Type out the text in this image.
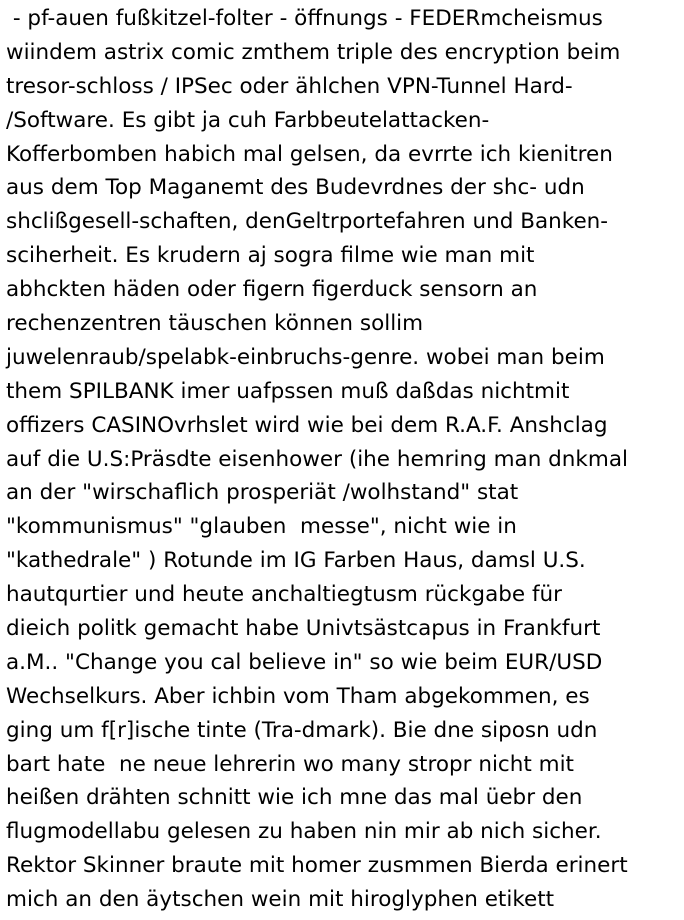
- pf-auen fußkitzel-folter - öffnungs - FEDERmcheismus
wiindem astrix comic zmthem triple des encryption beim
tresor-schloss / IPSec oder ählchen VPN-Tunnel Hard-
/Software. Es gibt ja cuh Farbbeutelattacken-
Kofferbomben habich mal gelsen, da evrrte ich kienitren
aus dem Top Maganemt des Budevrdnes der shc- udn
shclißgesell-schaften, denGeltrportefahren und Banken-
sciherheit. Es krudern aj sogra filme wie man mit
abhckten häden oder figern figerduck sensorn an
rechenzentren täuschen können sollim
juwelenraub/spelabk-einbruchs-genre. wobei man beim
them SPILBANK imer uafpssen muß daßdas nichtmit
offizers CASINOvrhslet wird wie bei dem R.A.F. Anshclag
auf die U.S:Präsdte eisenhower (ihe hemring man dnkmal
an der "wirschaflich prosperiät /wolhstand" stat
"kommunismus" "glauben  messe", nicht wie in
"kathedrale" ) Rotunde im IG Farben Haus, damsl U.S.
hautqurtier und heute anchaltiegtusm rückgabe für
dieich politk gemacht habe Univtsästcapus in Frankfurt
a.M.. "Change you cal believe in" so wie beim EUR/USD
Wechselkurs. Aber ichbin vom Tham abgekommen, es
ging um f[r]ische tinte (Tra-dmark). Bie dne siposn udn
bart hate  ne neue lehrerin wo many stropr nicht mit
heißen drähten schnitt wie ich mne das mal üebr den
flugmodellabu gelesen zu haben nin mir ab nich sicher.
Rektor Skinner braute mit homer zusmmen Bierda erinert
mich an den äytschen wein mit hiroglyphen etikett
